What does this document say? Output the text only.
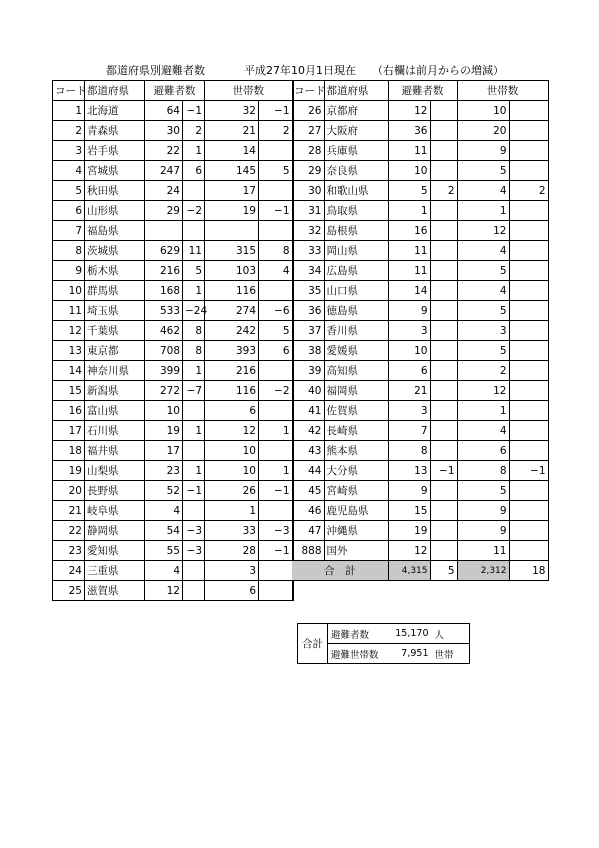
都道府県別避難者数	平成27年10月1日現在 （右欄は前月からの増減）
コード	都道府県	避難者数		世帯数	
1	北海道	64	−1	32	−1
2	青森県	30	2	21	2
3	岩手県	22	1	14	
4	宮城県	247	6	145	5
5	秋田県	24		17	
6	山形県	29	−2	19	−1
7	福島県				
8	茨城県	629	11	315	8
9	栃木県	216	5	103	4
10	群馬県	168	1	116	
11	埼玉県	533	−24	274	−6
12	千葉県	462	8	242	5
13	東京都	708	8	393	6
14	神奈川県	399	1	216	
15	新潟県	272	−7	116	−2
16	富山県	10		6	
17	石川県	19	1	12	1
18	福井県	17		10	
19	山梨県	23	1	10	1
20	長野県	52	−1	26	−1
21	岐阜県	4		1	
22	静岡県	54	−3	33	−3
23	愛知県	55	−3	28	−1
24	三重県	4		3	
25	滋賀県	12		6	
コード	都道府県	避難者数		世帯数	
26	京都府	12		10	
27	大阪府	36		20	
28	兵庫県	11		9	
29	奈良県	10		5	
30	和歌山県	5	2	4	2
31	鳥取県	1		1	
32	島根県	16		12	
33	岡山県	11		4	
34	広島県	11		5	
35	山口県	14		4	
36	徳島県	9		5	
37	香川県	3		3	
38	愛媛県	10		5	
39	高知県	6		2	
40	福岡県	21		12	
41	佐賀県	3		1	
42	長崎県	7		4	
43	熊本県	8		6	
44	大分県	13	−1	8	−1
45	宮崎県	9		5	
46	鹿児島県	15		9	
47	沖縄県	19		9	
888	国外	12		11	
合　計		4,315	5	2,312	18
合計	避難者数	15,170	人
	避難世帯数	7,951	世帯
